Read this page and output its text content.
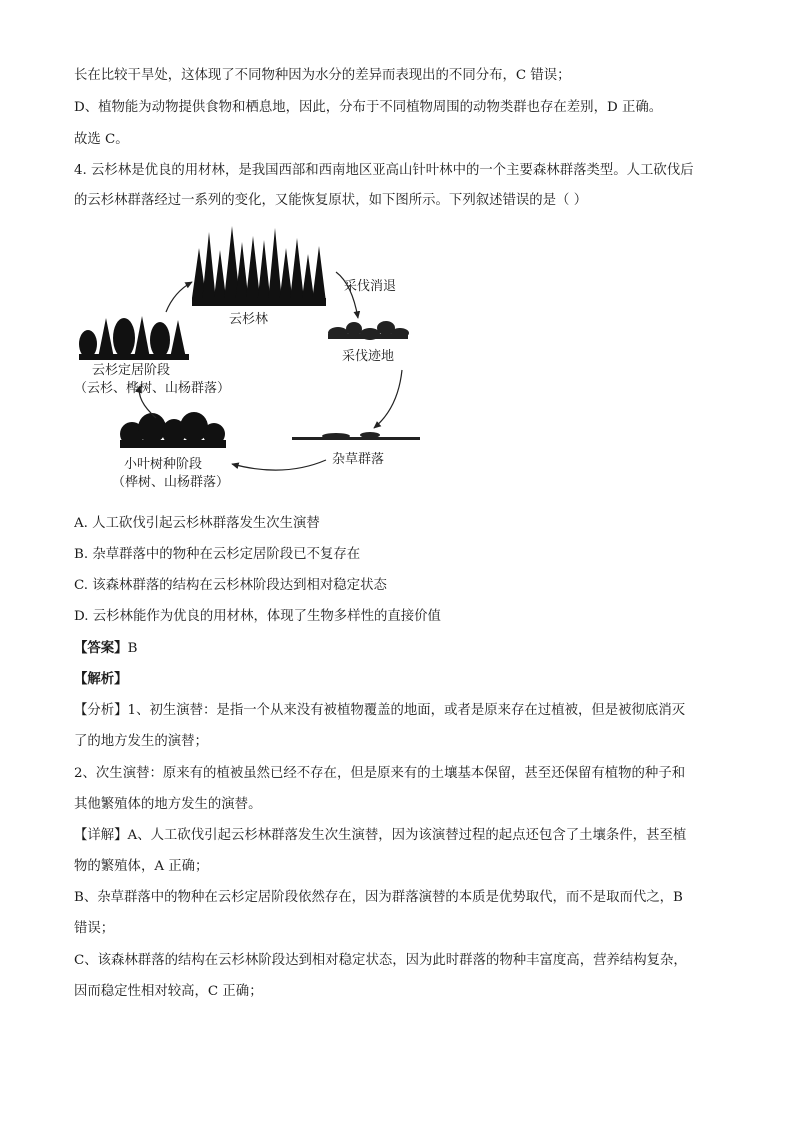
长在比较干旱处，这体现了不同物种因为水分的差异而表现出的不同分布，C 错误；
D、植物能为动物提供食物和栖息地，因此，分布于不同植物周围的动物类群也存在差别，D 正确。
故选 C。
4. 云杉林是优良的用材林，是我国西部和西南地区亚高山针叶林中的一个主要森林群落类型。人工砍伐后
的云杉林群落经过一系列的变化，又能恢复原状，如下图所示。下列叙述错误的是（ ）
云杉林
采伐消退
采伐迹地
杂草群落
小叶树种阶段
（桦树、山杨群落）
云杉定居阶段
（云杉、桦树、山杨群落）
A. 人工砍伐引起云杉林群落发生次生演替
B. 杂草群落中的物种在云杉定居阶段已不复存在
C. 该森林群落的结构在云杉林阶段达到相对稳定状态
D. 云杉林能作为优良的用材林，体现了生物多样性的直接价值
【答案】B
【解析】
【分析】1、初生演替：是指一个从来没有被植物覆盖的地面，或者是原来存在过植被，但是被彻底消灭
了的地方发生的演替；
2、次生演替：原来有的植被虽然已经不存在，但是原来有的土壤基本保留，甚至还保留有植物的种子和
其他繁殖体的地方发生的演替。
【详解】A、人工砍伐引起云杉林群落发生次生演替，因为该演替过程的起点还包含了土壤条件，甚至植
物的繁殖体，A 正确；
B、杂草群落中的物种在云杉定居阶段依然存在，因为群落演替的本质是优势取代，而不是取而代之，B
错误；
C、该森林群落的结构在云杉林阶段达到相对稳定状态，因为此时群落的物种丰富度高，营养结构复杂，
因而稳定性相对较高，C 正确；
